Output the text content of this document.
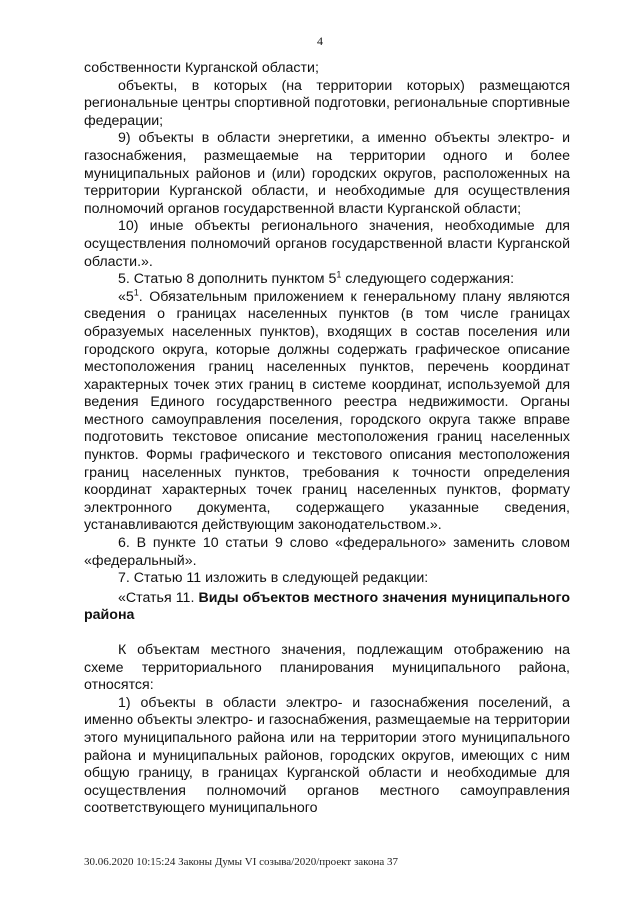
4

собственности Курганской области;

объекты, в которых (на территории которых) размещаются региональные центры спортивной подготовки, региональные спортивные федерации;

9) объекты в области энергетики, а именно объекты электро- и газоснабжения, размещаемые на территории одного и более муниципальных районов и (или) городских округов, расположенных на территории Курганской области, и необходимые для осуществления полномочий органов государственной власти Курганской области;

10) иные объекты регионального значения, необходимые для осуществления полномочий органов государственной власти Курганской области.».

5. Статью 8 дополнить пунктом $5^1$ следующего содержания:

«$5^1$. Обязательным приложением к генеральному плану являются сведения о границах населенных пунктов (в том числе границах образуемых населенных пунктов), входящих в состав поселения или городского округа, которые должны содержать графическое описание местоположения границ населенных пунктов, перечень координат характерных точек этих границ в системе координат, используемой для ведения Единого государственного реестра недвижимости. Органы местного самоуправления поселения, городского округа также вправе подготовить текстовое описание местоположения границ населенных пунктов. Формы графического и текстового описания местоположения границ населенных пунктов, требования к точности определения координат характерных точек границ населенных пунктов, формату электронного документа, содержащего указанные сведения, устанавливаются действующим законодательством.».

6. В пункте 10 статьи 9 слово «федерального» заменить словом «федеральный».

7. Статью 11 изложить в следующей редакции:

«Статья 11. Виды объектов местного значения муниципального района

К объектам местного значения, подлежащим отображению на схеме территориального планирования муниципального района, относятся:

1) объекты в области электро- и газоснабжения поселений, а именно объекты электро- и газоснабжения, размещаемые на территории этого муниципального района или на территории этого муниципального района и муниципальных районов, городских округов, имеющих с ним общую границу, в границах Курганской области и необходимые для осуществления полномочий органов местного самоуправления соответствующего муниципального

30.06.2020 10:15:24 Законы Думы VI созыва/2020/проект закона 37
